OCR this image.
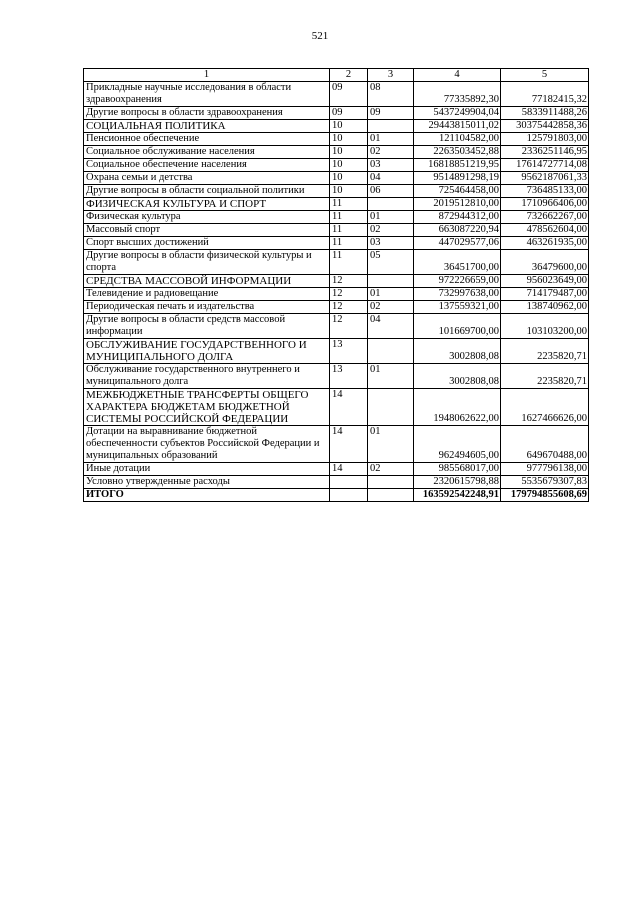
521
1	2	3	4	5
Прикладные научные исследования в области здравоохранения	09	08	77335892,30	77182415,32
Другие вопросы в области здравоохранения	09	09	5437249904,04	5833911488,26
СОЦИАЛЬНАЯ ПОЛИТИКА	10		29443815011,02	30375442858,36
Пенсионное обеспечение	10	01	121104582,00	125791803,00
Социальное обслуживание населения	10	02	2263503452,88	2336251146,95
Социальное обеспечение населения	10	03	16818851219,95	17614727714,08
Охрана семьи и детства	10	04	9514891298,19	9562187061,33
Другие вопросы в области социальной политики	10	06	725464458,00	736485133,00
ФИЗИЧЕСКАЯ КУЛЬТУРА И СПОРТ	11		2019512810,00	1710966406,00
Физическая культура	11	01	872944312,00	732662267,00
Массовый спорт	11	02	663087220,94	478562604,00
Спорт высших достижений	11	03	447029577,06	463261935,00
Другие вопросы в области физической культуры и спорта	11	05	36451700,00	36479600,00
СРЕДСТВА МАССОВОЙ ИНФОРМАЦИИ	12		972226659,00	956023649,00
Телевидение и радиовещание	12	01	732997638,00	714179487,00
Периодическая печать и издательства	12	02	137559321,00	138740962,00
Другие вопросы в области средств массовой информации	12	04	101669700,00	103103200,00
ОБСЛУЖИВАНИЕ ГОСУДАРСТВЕННОГО И МУНИЦИПАЛЬНОГО ДОЛГА	13		3002808,08	2235820,71
Обслуживание государственного внутреннего и муниципального долга	13	01	3002808,08	2235820,71
МЕЖБЮДЖЕТНЫЕ ТРАНСФЕРТЫ ОБЩЕГО ХАРАКТЕРА БЮДЖЕТАМ БЮДЖЕТНОЙ СИСТЕМЫ РОССИЙСКОЙ ФЕДЕРАЦИИ	14		1948062622,00	1627466626,00
Дотации на выравнивание бюджетной обеспеченности субъектов Российской Федерации и муниципальных образований	14	01	962494605,00	649670488,00
Иные дотации	14	02	985568017,00	977796138,00
Условно утвержденные расходы			2320615798,88	5535679307,83
ИТОГО			163592542248,91	179794855608,69
